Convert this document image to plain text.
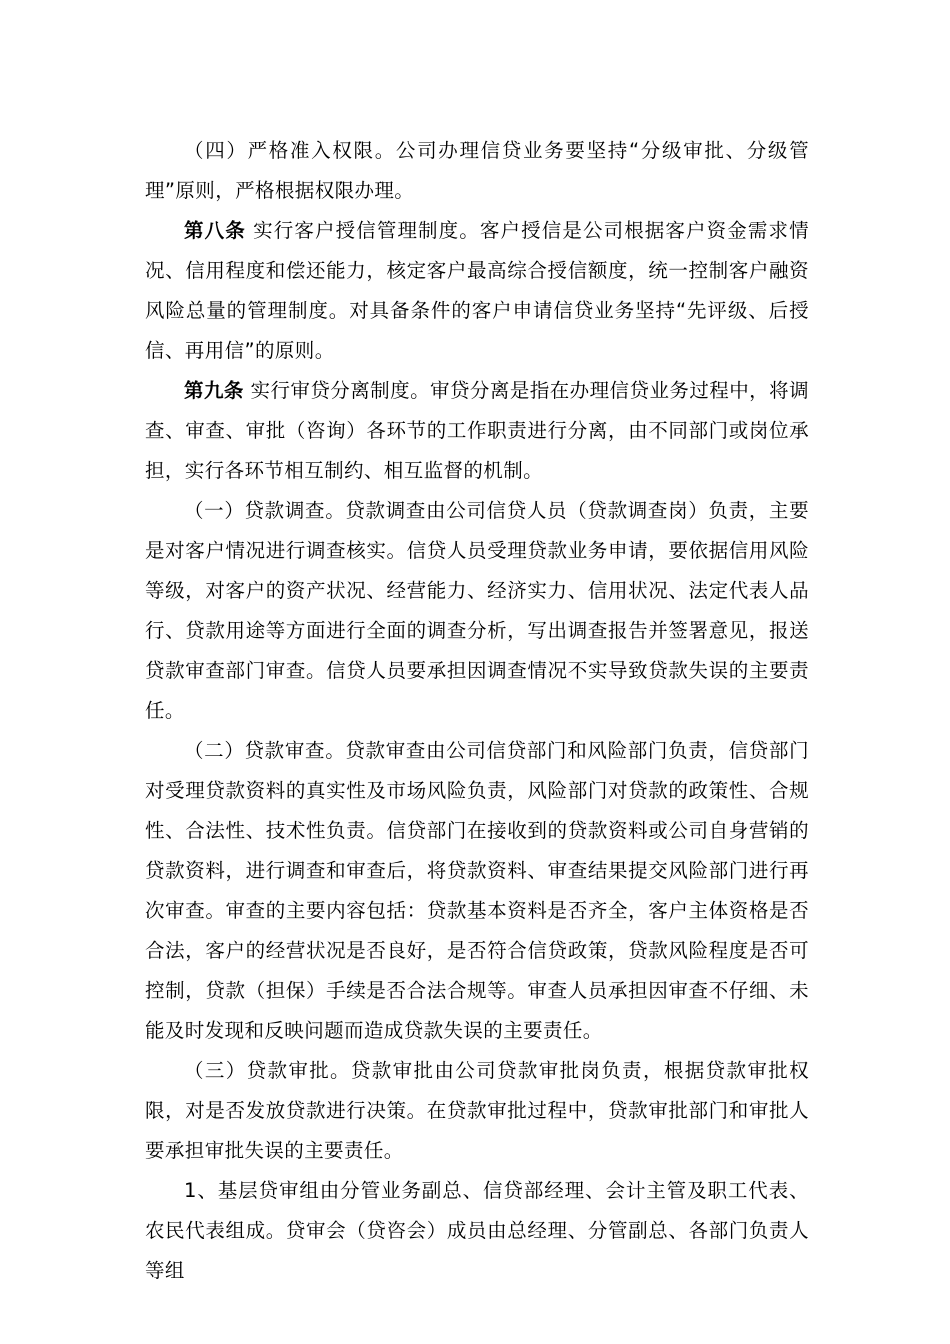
（四）严格准入权限。公司办理信贷业务要坚持“分级审批、分级管理”原则，严格根据权限办理。

第八条 实行客户授信管理制度。客户授信是公司根据客户资金需求情况、信用程度和偿还能力，核定客户最高综合授信额度，统一控制客户融资风险总量的管理制度。对具备条件的客户申请信贷业务坚持“先评级、后授信、再用信”的原则。

第九条 实行审贷分离制度。审贷分离是指在办理信贷业务过程中，将调查、审查、审批（咨询）各环节的工作职责进行分离，由不同部门或岗位承担，实行各环节相互制约、相互监督的机制。

（一）贷款调查。贷款调查由公司信贷人员（贷款调查岗）负责，主要是对客户情况进行调查核实。信贷人员受理贷款业务申请，要依据信用风险等级，对客户的资产状况、经营能力、经济实力、信用状况、法定代表人品行、贷款用途等方面进行全面的调查分析，写出调查报告并签署意见，报送贷款审查部门审查。信贷人员要承担因调查情况不实导致贷款失误的主要责任。

（二）贷款审查。贷款审查由公司信贷部门和风险部门负责，信贷部门对受理贷款资料的真实性及市场风险负责，风险部门对贷款的政策性、合规性、合法性、技术性负责。信贷部门在接收到的贷款资料或公司自身营销的贷款资料，进行调查和审查后，将贷款资料、审查结果提交风险部门进行再次审查。审查的主要内容包括：贷款基本资料是否齐全，客户主体资格是否合法，客户的经营状况是否良好，是否符合信贷政策，贷款风险程度是否可控制，贷款（担保）手续是否合法合规等。审查人员承担因审查不仔细、未能及时发现和反映问题而造成贷款失误的主要责任。

（三）贷款审批。贷款审批由公司贷款审批岗负责，根据贷款审批权限，对是否发放贷款进行决策。在贷款审批过程中，贷款审批部门和审批人要承担审批失误的主要责任。

1、基层贷审组由分管业务副总、信贷部经理、会计主管及职工代表、农民代表组成。贷审会（贷咨会）成员由总经理、分管副总、各部门负责人等组
